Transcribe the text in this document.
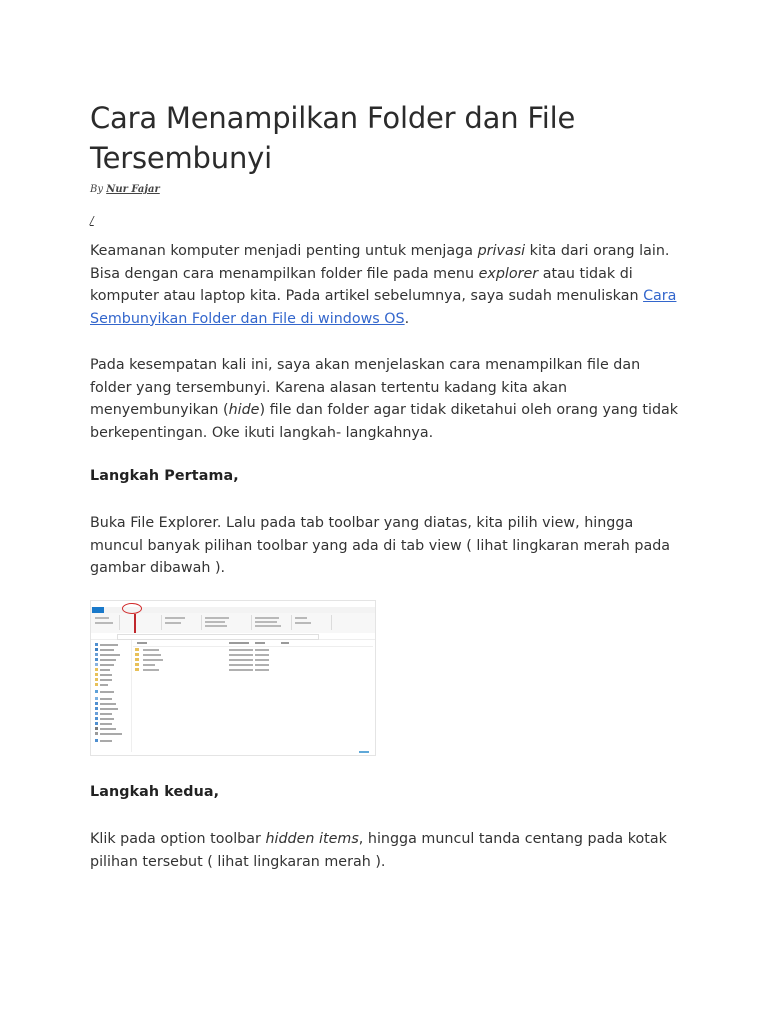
Cara Menampilkan Folder dan File Tersembunyi
By Nur Fajar
/

Keamanan komputer menjadi penting untuk menjaga privasi kita dari orang lain. Bisa dengan cara menampilkan folder file pada menu explorer atau tidak di komputer atau laptop kita. Pada artikel sebelumnya, saya sudah menuliskan Cara Sembunyikan Folder dan File di windows OS.

Pada kesempatan kali ini, saya akan menjelaskan cara menampilkan file dan folder yang tersembunyi. Karena alasan tertentu kadang kita akan menyembunyikan (hide) file dan folder agar tidak diketahui oleh orang yang tidak berkepentingan. Oke ikuti langkah- langkahnya.

Langkah Pertama,

Buka File Explorer. Lalu pada tab toolbar yang diatas, kita pilih view, hingga muncul banyak pilihan toolbar yang ada di tab view ( lihat lingkaran merah pada gambar dibawah ).

Langkah kedua,

Klik pada option toolbar hidden items, hingga muncul tanda centang pada kotak pilihan tersebut ( lihat lingkaran merah ).
